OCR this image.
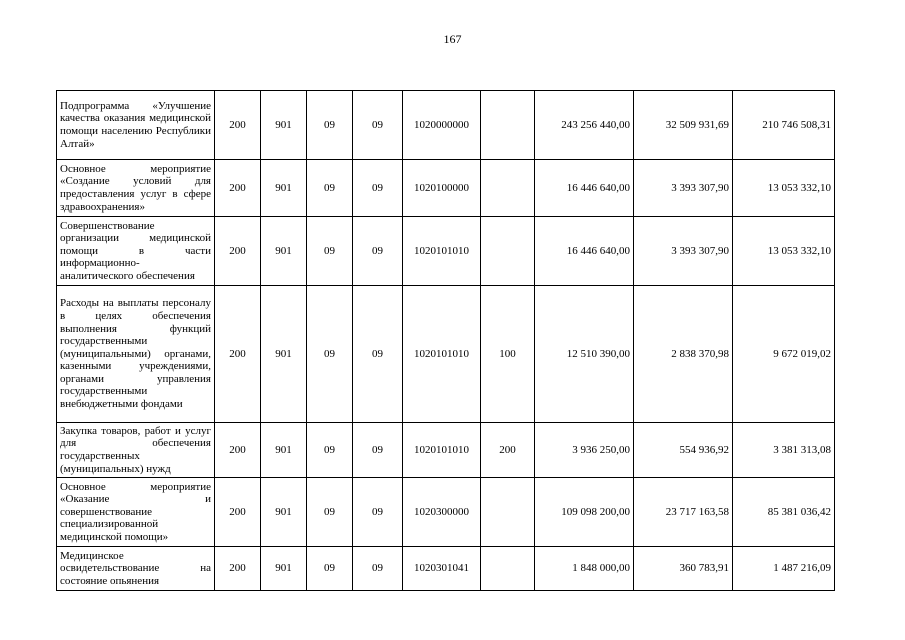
167
Подпрограмма «Улучшение качества оказания медицинской помощи населению Республики Алтай»	200	901	09	09	1020000000		243 256 440,00	32 509 931,69	210 746 508,31

Основное мероприятие «Создание условий для предоставления услуг в сфере здравоохранения»	200	901	09	09	1020100000		16 446 640,00	3 393 307,90	13 053 332,10

Совершенствование организации медицинской помощи в части информационно-аналитического обеспечения	200	901	09	09	1020101010		16 446 640,00	3 393 307,90	13 053 332,10

Расходы на выплаты персоналу в целях обеспечения выполнения функций государственными (муниципальными) органами, казенными учреждениями, органами управления государственными внебюджетными фондами	200	901	09	09	1020101010	100	12 510 390,00	2 838 370,98	9 672 019,02

Закупка товаров, работ и услуг для обеспечения государственных (муниципальных) нужд	200	901	09	09	1020101010	200	3 936 250,00	554 936,92	3 381 313,08

Основное мероприятие «Оказание и совершенствование специализированной медицинской помощи»	200	901	09	09	1020300000		109 098 200,00	23 717 163,58	85 381 036,42

Медицинское освидетельствование на состояние опьянения	200	901	09	09	1020301041		1 848 000,00	360 783,91	1 487 216,09
